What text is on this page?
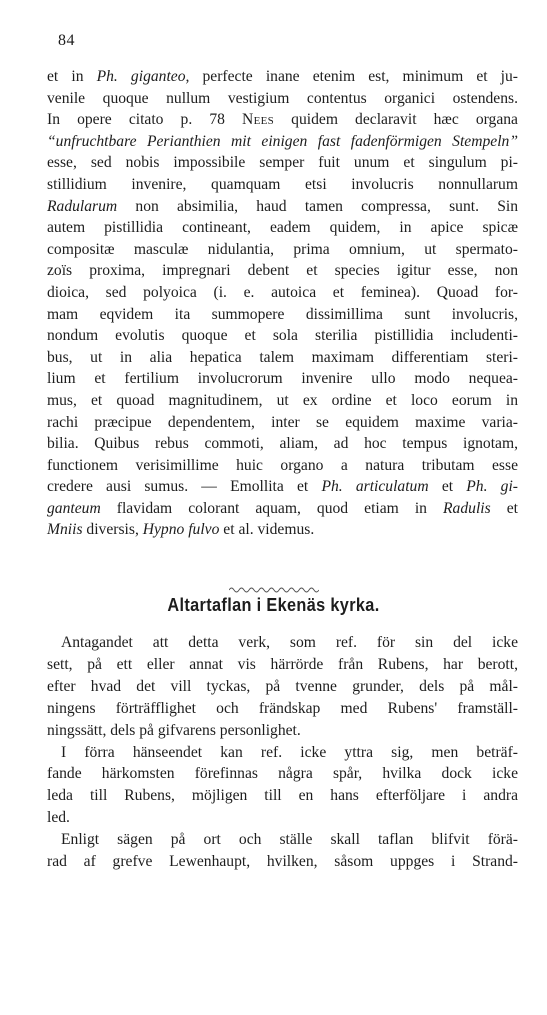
84
et in Ph. giganteo, perfecte inane etenim est, minimum et ju-
venile quoque nullum vestigium contentus organici ostendens.
In opere citato p. 78 Nees quidem declaravit hæc organa
“unfruchtbare Perianthien mit einigen fast fadenförmigen Stempeln”
esse, sed nobis impossibile semper fuit unum et singulum pi-
stillidium invenire, quamquam etsi involucris nonnullarum
Radularum non absimilia, haud tamen compressa, sunt. Sin
autem pistillidia contineant, eadem quidem, in apice spicæ
compositæ masculæ nidulantia, prima omnium, ut spermato-
zoïs proxima, impregnari debent et species igitur esse, non
dioica, sed polyoica (i. e. autoica et feminea). Quoad for-
mam eqvidem ita summopere dissimillima sunt involucris,
nondum evolutis quoque et sola sterilia pistillidia includenti-
bus, ut in alia hepatica talem maximam differentiam steri-
lium et fertilium involucrorum invenire ullo modo nequea-
mus, et quoad magnitudinem, ut ex ordine et loco eorum in
rachi præcipue dependentem, inter se equidem maxime varia-
bilia. Quibus rebus commoti, aliam, ad hoc tempus ignotam,
functionem verisimillime huic organo a natura tributam esse
credere ausi sumus. — Emollita et Ph. articulatum et Ph. gi-
ganteum flavidam colorant aquam, quod etiam in Radulis et
Mniis diversis, Hypno fulvo et al. videmus.
Altartaflan i Ekenäs kyrka.
Antagandet att detta verk, som ref. för sin del icke
sett, på ett eller annat vis härrörde från Rubens, har berott,
efter hvad det vill tyckas, på tvenne grunder, dels på mål-
ningens förträfflighet och frändskap med Rubens' framställ-
ningssätt, dels på gifvarens personlighet.
I förra hänseendet kan ref. icke yttra sig, men beträf-
fande härkomsten förefinnas några spår, hvilka dock icke
leda till Rubens, möjligen till en hans efterföljare i andra
led.
Enligt sägen på ort och ställe skall taflan blifvit förä-
rad af grefve Lewenhaupt, hvilken, såsom uppges i Strand-
